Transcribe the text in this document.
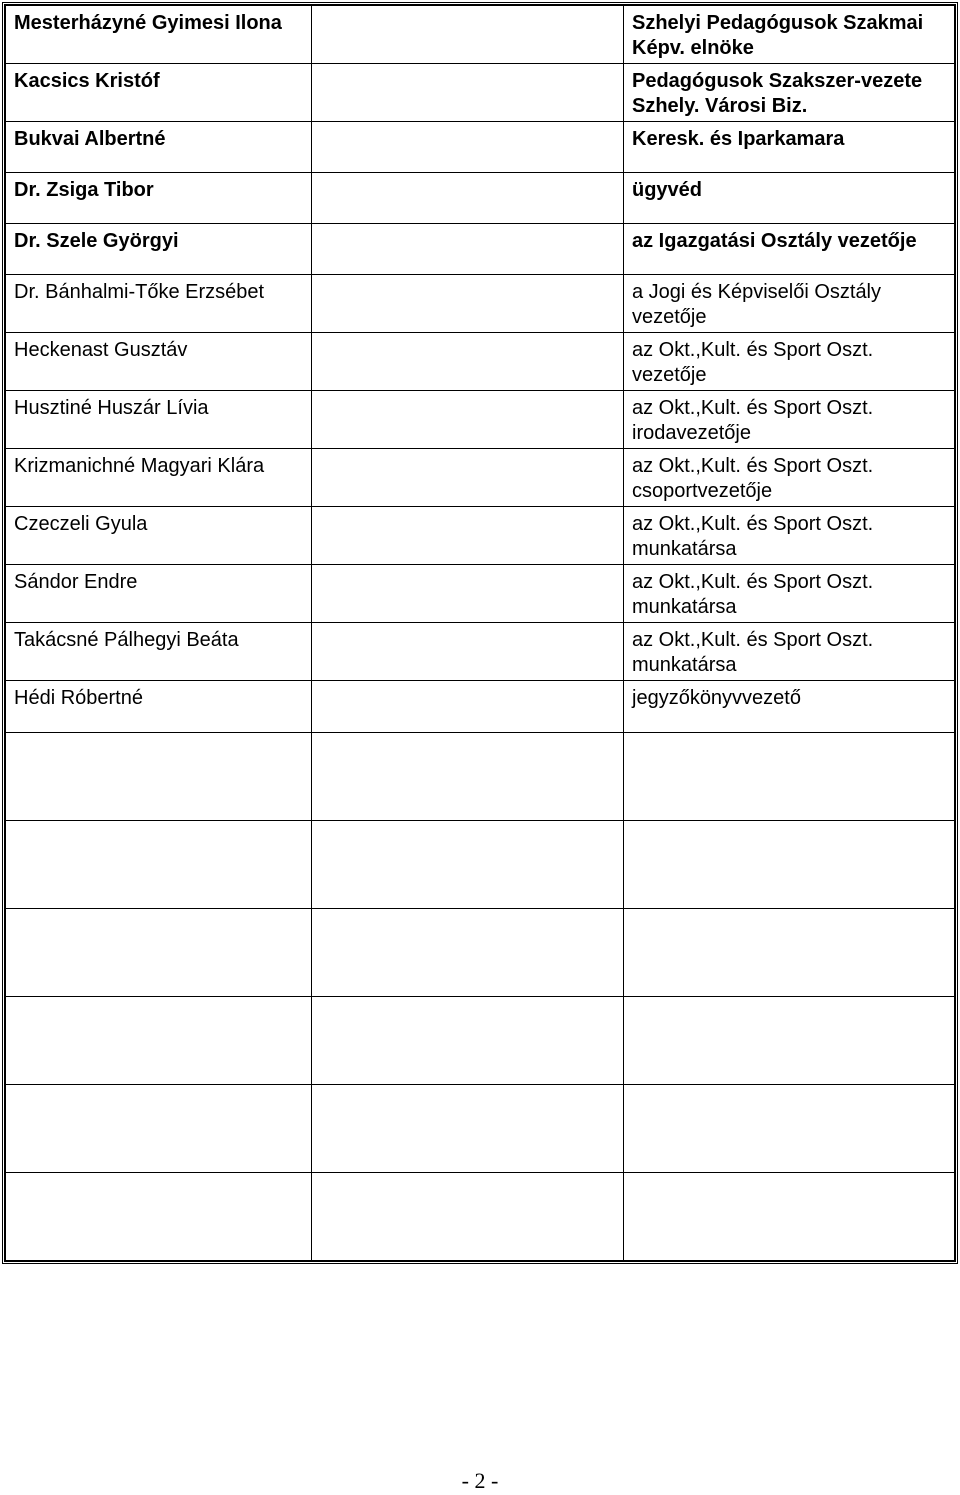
Mesterházyné Gyimesi Ilona		Szhelyi Pedagógusok Szakmai Képv. elnöke
Kacsics Kristóf		Pedagógusok Szakszer-vezete Szhely. Városi Biz.
Bukvai Albertné		Keresk. és Iparkamara
Dr. Zsiga Tibor		ügyvéd
Dr. Szele Györgyi		az Igazgatási Osztály vezetője
Dr. Bánhalmi-Tőke Erzsébet		a Jogi és Képviselői Osztály vezetője
Heckenast Gusztáv		az Okt.,Kult. és Sport Oszt. vezetője
Husztiné Huszár Lívia		az Okt.,Kult. és Sport Oszt. irodavezetője
Krizmanichné Magyari Klára		az Okt.,Kult. és Sport Oszt. csoportvezetője
Czeczeli Gyula		az Okt.,Kult. és Sport Oszt. munkatársa
Sándor Endre		az Okt.,Kult. és Sport Oszt. munkatársa
Takácsné Pálhegyi Beáta		az Okt.,Kult. és Sport Oszt. munkatársa
Hédi Róbertné		jegyzőkönyvvezető

- 2 -
